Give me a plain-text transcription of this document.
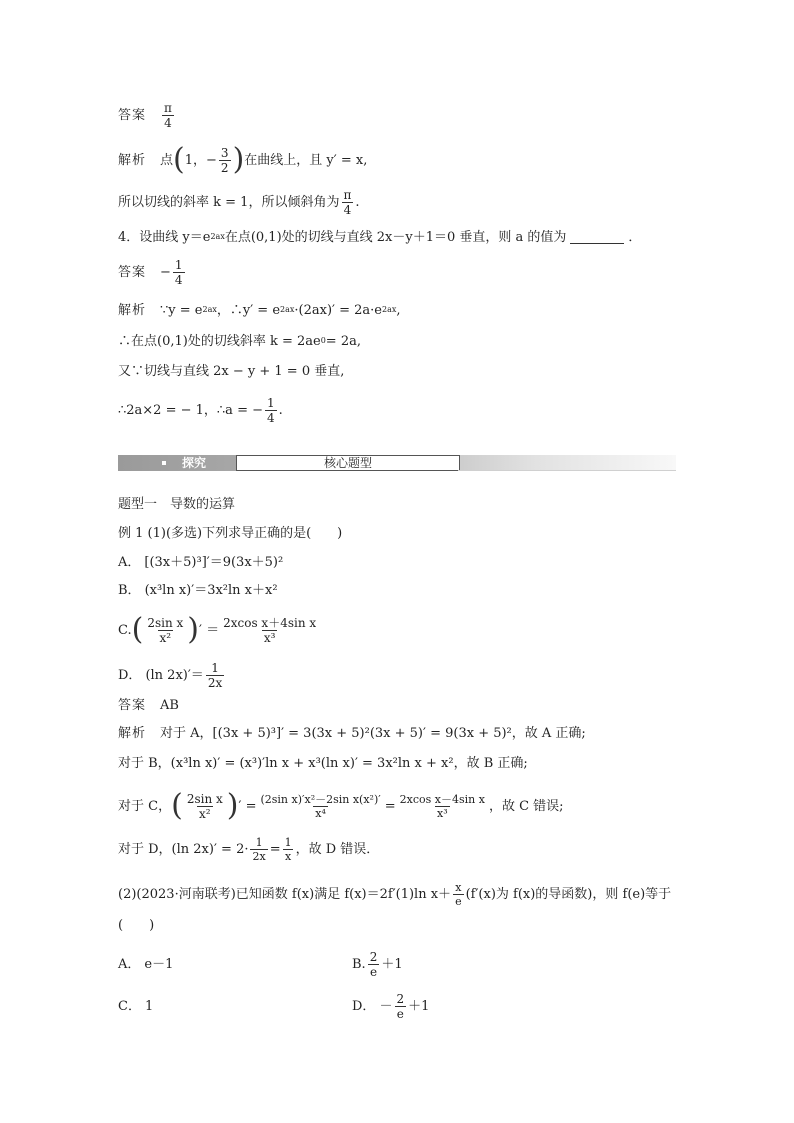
答案 $\frac{\pi}{4}$
解析 点 ( 1，− $\frac{3}{2}$ ) 在曲线上，且 y′ = x,
所以切线的斜率 k = 1，所以倾斜角为 $\frac{\pi}{4}$ .
4． 设曲线 y＝e 2ax 在点(0,1)处的切线与直线 2x－y＋1＝0 垂直，则 a 的值为	．
答案 − $\frac{1}{4}$
解析 ∵y = e 2ax ，∴y′ = e 2ax ·(2ax)′ = 2a·e 2ax ,
∴在点(0,1)处的切线斜率 k = 2ae 0 = 2a,
又∵切线与直线 2x − y + 1 = 0 垂直,
∴2a×2 = − 1，∴a = − $\frac{1}{4}$ .
探究	核心题型
题型一　导数的运算
例 1 (1)(多选)下列求导正确的是(　　)
A． [(3x＋5)³]′＝9(3x＋5)²
B． (x³ln x)′＝3x²ln x＋x²
C. ( $\frac{\text{2sin x}}{\text{x²}}$ ) ′ ＝ $\frac{\text{2xcos x＋4sin x}}{\text{x³}}$
D． (ln $2x)'= \frac{1}{2x}$
答案 AB
解析 对于 A，[(3x + 5)³]′ = 3(3x + 5)²(3x + 5)′ = 9(3x + 5)²，故 A 正确;
对于 B，(x³ln x)′ = (x³)′ln x + x³(ln x)′ = 3x²ln x + x²，故 B 正确;
对于 C， ( $\frac{\text{2sin x}}{\text{x²}}$ ) ′ = $\frac{\text{(2sin x)′x²－2sin x(x²)′}}{\text{x⁴}} = \frac{\text{2xcos x－4sin x}}{\text{x³}}$ ，故 C 错误;
对于 D，(ln $2x)' = 2\cdot \frac{1}{2x} = \frac{1}{x}$ ，故 D 错误．
(2)(2023·河南联考)已知函数 f(x)满足 f(x)＝2f′(1)ln $x+ \frac{x}{e} (f'(x)$为 f(x)的导函数)，则 f(e)等于
(　　)
A． e－1	B. $\frac{2}{e} +1$
C． 1	D． － $\frac{2}{e} +1$
